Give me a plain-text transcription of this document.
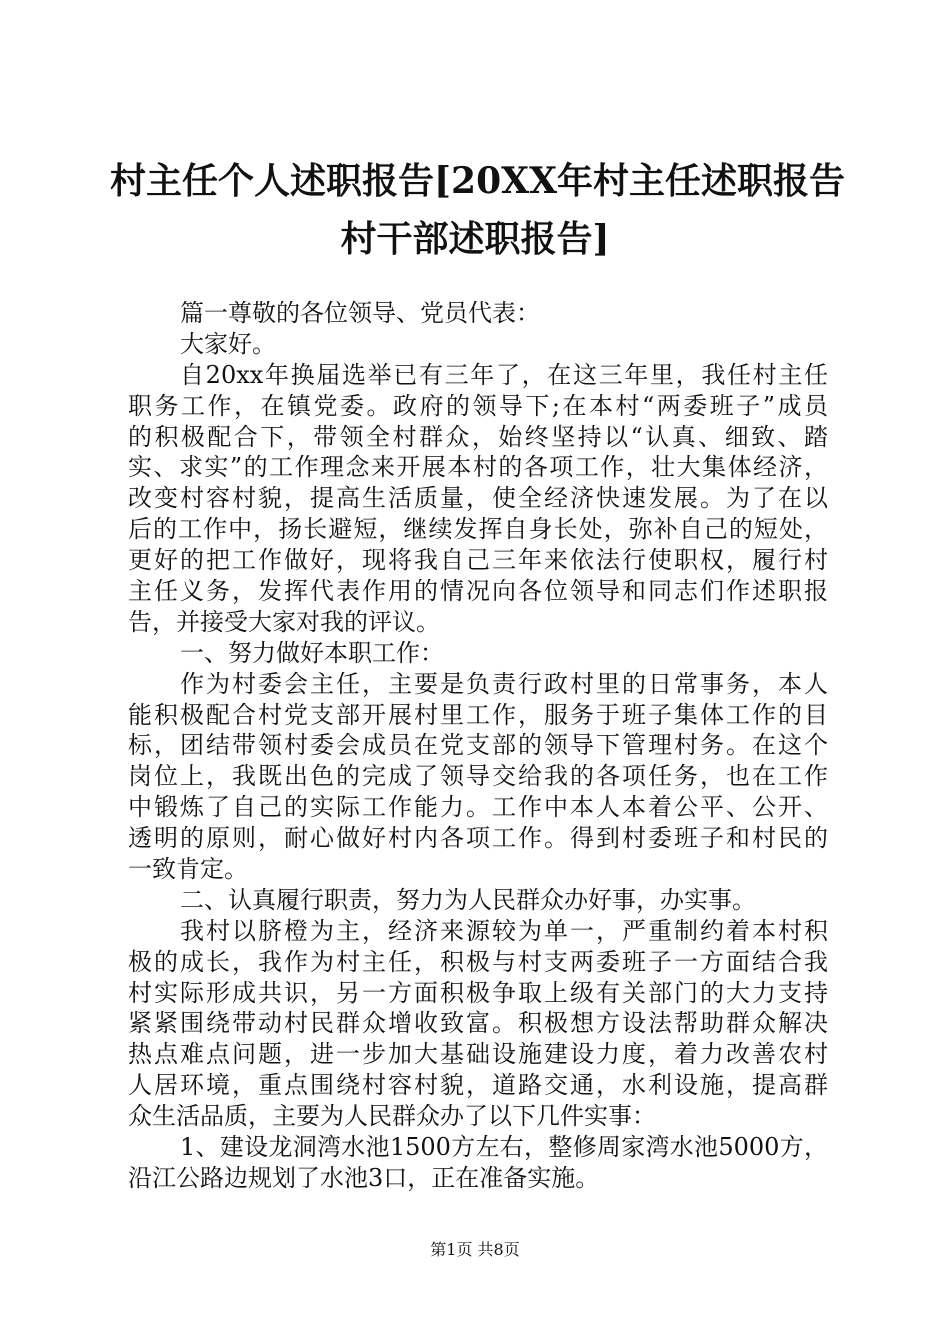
村主任个人述职报告[20XX年村主任述职报告
村干部述职报告]
篇一尊敬的各位领导、党员代表：
大家好。
自20xx年换届选举已有三年了，在这三年里，我任村主任
职务工作，在镇党委。政府的领导下;在本村“两委班子”成员
的积极配合下，带领全村群众，始终坚持以“认真、细致、踏
实、求实”的工作理念来开展本村的各项工作，壮大集体经济，
改变村容村貌，提高生活质量，使全经济快速发展。为了在以
后的工作中，扬长避短，继续发挥自身长处，弥补自己的短处，
更好的把工作做好，现将我自己三年来依法行使职权，履行村
主任义务，发挥代表作用的情况向各位领导和同志们作述职报
告，并接受大家对我的评议。
一、努力做好本职工作：
作为村委会主任，主要是负责行政村里的日常事务，本人
能积极配合村党支部开展村里工作，服务于班子集体工作的目
标，团结带领村委会成员在党支部的领导下管理村务。在这个
岗位上，我既出色的完成了领导交给我的各项任务，也在工作
中锻炼了自己的实际工作能力。工作中本人本着公平、公开、
透明的原则，耐心做好村内各项工作。得到村委班子和村民的
一致肯定。
二、认真履行职责，努力为人民群众办好事，办实事。
我村以脐橙为主，经济来源较为单一，严重制约着本村积
极的成长，我作为村主任，积极与村支两委班子一方面结合我
村实际形成共识，另一方面积极争取上级有关部门的大力支持
紧紧围绕带动村民群众增收致富。积极想方设法帮助群众解决
热点难点问题，进一步加大基础设施建设力度，着力改善农村
人居环境，重点围绕村容村貌，道路交通，水利设施，提高群
众生活品质，主要为人民群众办了以下几件实事：
1、建设龙洞湾水池1500方左右，整修周家湾水池5000方，
沿江公路边规划了水池3口，正在准备实施。
第1页 共8页
